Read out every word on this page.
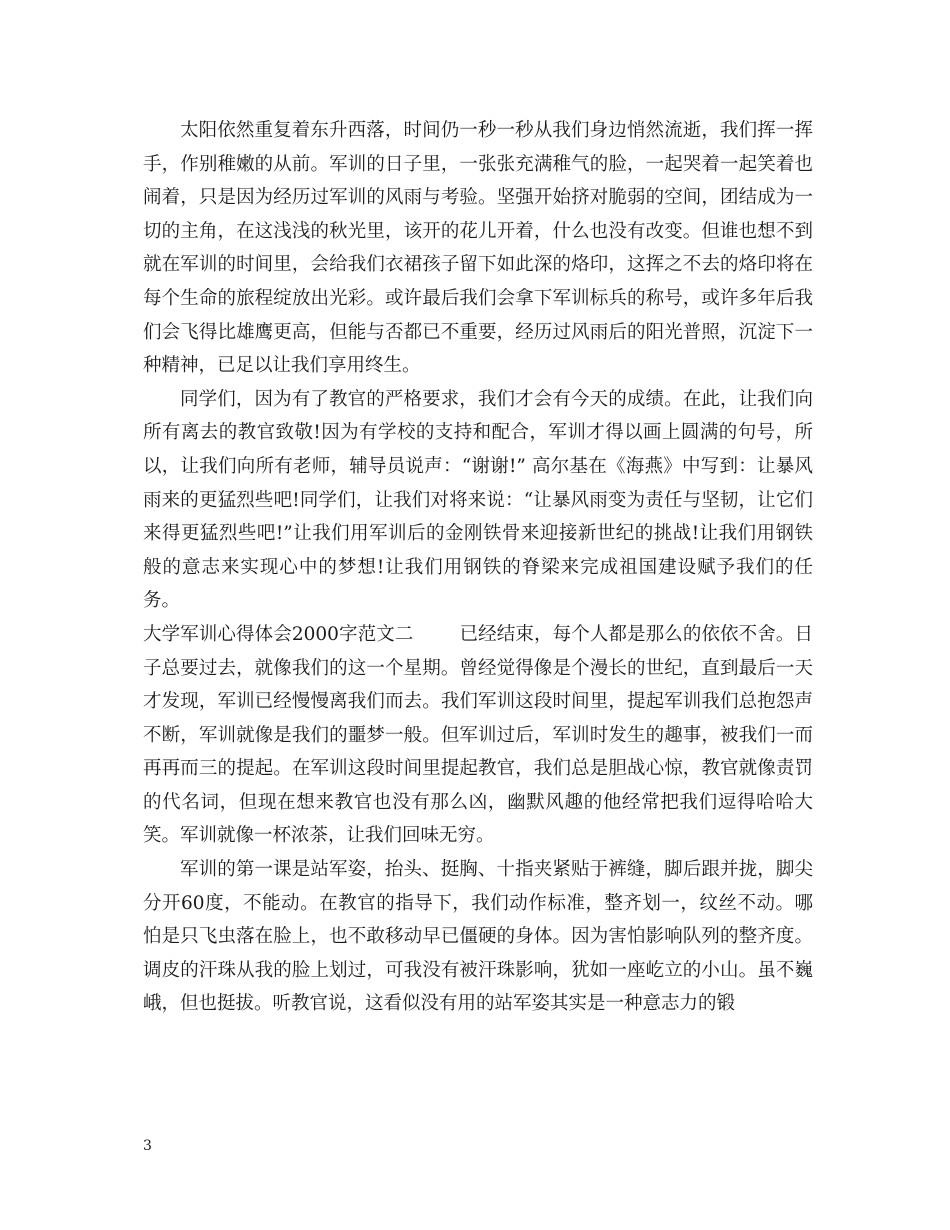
太阳依然重复着东升西落，时间仍一秒一秒从我们身边悄然流逝，我们挥一挥手，作别稚嫩的从前。军训的日子里，一张张充满稚气的脸，一起哭着一起笑着也闹着，只是因为经历过军训的风雨与考验。坚强开始挤对脆弱的空间，团结成为一切的主角，在这浅浅的秋光里，该开的花儿开着，什么也没有改变。但谁也想不到就在军训的时间里，会给我们衣裙孩子留下如此深的烙印，这挥之不去的烙印将在每个生命的旅程绽放出光彩。或许最后我们会拿下军训标兵的称号，或许多年后我们会飞得比雄鹰更高，但能与否都已不重要，经历过风雨后的阳光普照，沉淀下一种精神，已足以让我们享用终生。

同学们，因为有了教官的严格要求，我们才会有今天的成绩。在此，让我们向所有离去的教官致敬!因为有学校的支持和配合，军训才得以画上圆满的句号，所以，让我们向所有老师，辅导员说声：“谢谢!” 高尔基在《海燕》中写到：让暴风雨来的更猛烈些吧!同学们，让我们对将来说：“让暴风雨变为责任与坚韧，让它们来得更猛烈些吧!”让我们用军训后的金刚铁骨来迎接新世纪的挑战!让我们用钢铁般的意志来实现心中的梦想!让我们用钢铁的脊梁来完成祖国建设赋予我们的任务。

大学军训心得体会2000字范文二 已经结束，每个人都是那么的依依不舍。日子总要过去，就像我们的这一个星期。曾经觉得像是个漫长的世纪，直到最后一天才发现，军训已经慢慢离我们而去。我们军训这段时间里，提起军训我们总抱怨声不断，军训就像是我们的噩梦一般。但军训过后，军训时发生的趣事，被我们一而再再而三的提起。在军训这段时间里提起教官，我们总是胆战心惊，教官就像责罚的代名词，但现在想来教官也没有那么凶，幽默风趣的他经常把我们逗得哈哈大笑。军训就像一杯浓茶，让我们回味无穷。

军训的第一课是站军姿，抬头、挺胸、十指夹紧贴于裤缝，脚后跟并拢，脚尖分开60度，不能动。在教官的指导下，我们动作标准，整齐划一，纹丝不动。哪怕是只飞虫落在脸上，也不敢移动早已僵硬的身体。因为害怕影响队列的整齐度。调皮的汗珠从我的脸上划过，可我没有被汗珠影响，犹如一座屹立的小山。虽不巍峨，但也挺拔。听教官说，这看似没有用的站军姿其实是一种意志力的锻

3
